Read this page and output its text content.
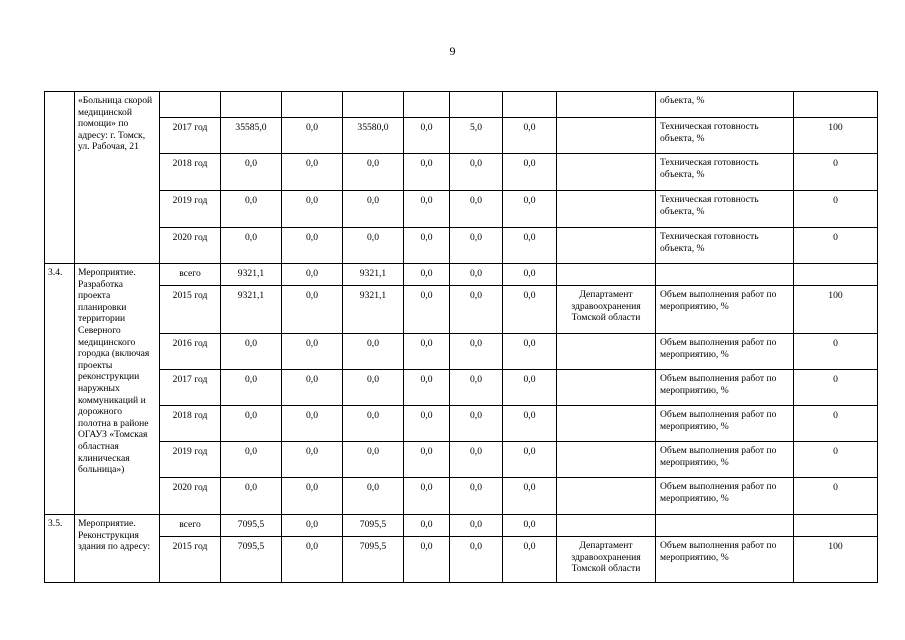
9
	«Больница скорой медицинской помощи» по адресу: г. Томск, ул. Рабочая, 21									объекта, %	
		2017 год	35585,0	0,0	35580,0	0,0	5,0	0,0		Техническая готовность объекта, %	100
		2018 год	0,0	0,0	0,0	0,0	0,0	0,0		Техническая готовность объекта, %	0
		2019 год	0,0	0,0	0,0	0,0	0,0	0,0		Техническая готовность объекта, %	0
		2020 год	0,0	0,0	0,0	0,0	0,0	0,0		Техническая готовность объекта, %	0
3.4.	Мероприятие. Разработка проекта планировки территории Северного медицинского городка (включая проекты реконструкции наружных коммуникаций и дорожного полотна в районе ОГАУЗ «Томская областная клиническая больница»)	всего	9321,1	0,0	9321,1	0,0	0,0	0,0			
		2015 год	9321,1	0,0	9321,1	0,0	0,0	0,0	Департамент здравоохранения Томской области	Объем выполнения работ по мероприятию, %	100
		2016 год	0,0	0,0	0,0	0,0	0,0	0,0		Объем выполнения работ по мероприятию, %	0
		2017 год	0,0	0,0	0,0	0,0	0,0	0,0		Объем выполнения работ по мероприятию, %	0
		2018 год	0,0	0,0	0,0	0,0	0,0	0,0		Объем выполнения работ по мероприятию, %	0
		2019 год	0,0	0,0	0,0	0,0	0,0	0,0		Объем выполнения работ по мероприятию, %	0
		2020 год	0,0	0,0	0,0	0,0	0,0	0,0		Объем выполнения работ по мероприятию, %	0
3.5.	Мероприятие. Реконструкция здания по адресу:	всего	7095,5	0,0	7095,5	0,0	0,0	0,0			
		2015 год	7095,5	0,0	7095,5	0,0	0,0	0,0	Департамент здравоохранения Томской области	Объем выполнения работ по мероприятию, %	100
